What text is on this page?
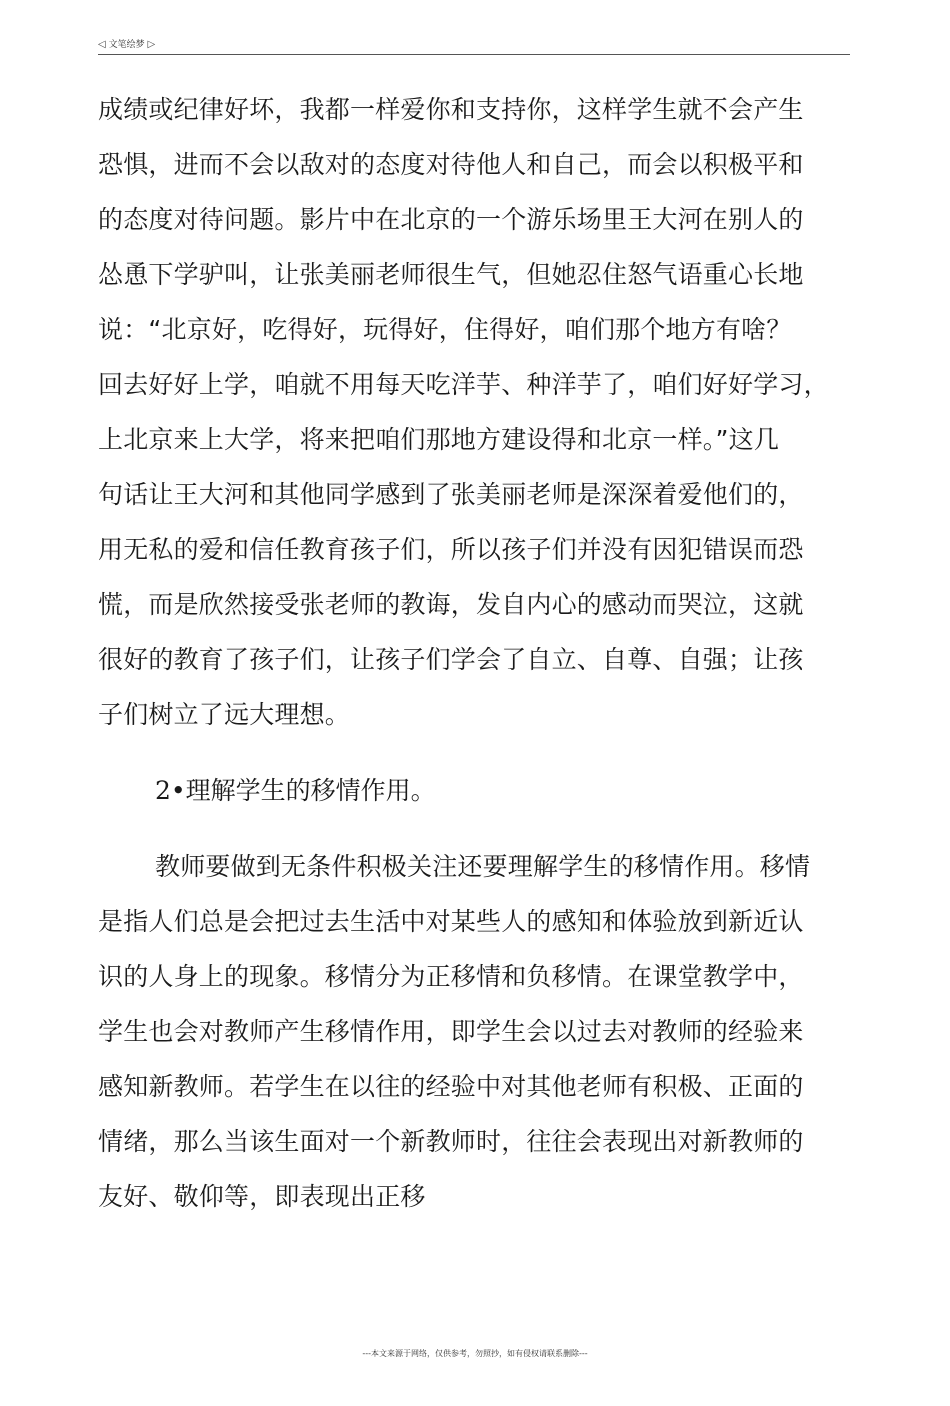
◁ 文笔绘梦 ▷
成绩或纪律好坏，我都一样爱你和支持你，这样学生就不会产生
恐惧，进而不会以敌对的态度对待他人和自己，而会以积极平和
的态度对待问题。影片中在北京的一个游乐场里王大河在别人的
怂恿下学驴叫，让张美丽老师很生气，但她忍住怒气语重心长地
说：“北京好，吃得好，玩得好，住得好，咱们那个地方有啥？
回去好好上学，咱就不用每天吃洋芋、种洋芋了，咱们好好学习，
上北京来上大学，将来把咱们那地方建设得和北京一样。”这几
句话让王大河和其他同学感到了张美丽老师是深深着爱他们的，
用无私的爱和信任教育孩子们，所以孩子们并没有因犯错误而恐
慌，而是欣然接受张老师的教诲，发自内心的感动而哭泣，这就
很好的教育了孩子们，让孩子们学会了自立、自尊、自强；让孩
子们树立了远大理想。
2•理解学生的移情作用。
教师要做到无条件积极关注还要理解学生的移情作用。移情
是指人们总是会把过去生活中对某些人的感知和体验放到新近认
识的人身上的现象。移情分为正移情和负移情。在课堂教学中，
学生也会对教师产生移情作用，即学生会以过去对教师的经验来
感知新教师。若学生在以往的经验中对其他老师有积极、正面的
情绪，那么当该生面对一个新教师时，往往会表现出对新教师的
友好、敬仰等，即表现出正移
---本文来源于网络，仅供参考，勿照抄，如有侵权请联系删除---
